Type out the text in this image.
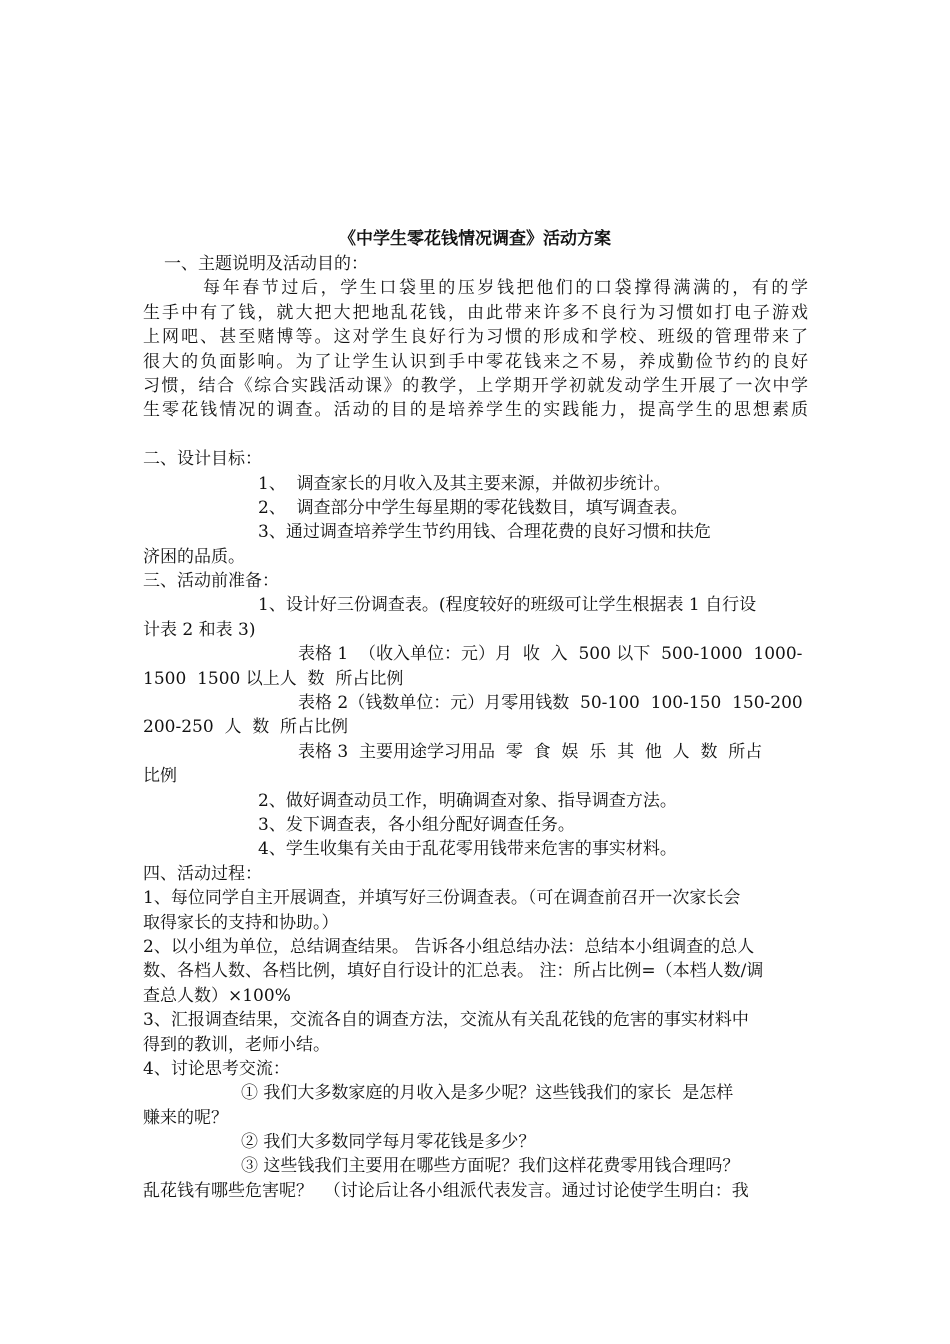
《中学生零花钱情况调查》活动方案
一、主题说明及活动目的：
每年春节过后，学生口袋里的压岁钱把他们的口袋撑得满满的，有的学
生手中有了钱，就大把大把地乱花钱，由此带来许多不良行为习惯如打电子游戏
上网吧、甚至赌博等。这对学生良好行为习惯的形成和学校、班级的管理带来了
很大的负面影响。为了让学生认识到手中零花钱来之不易，养成勤俭节约的良好
习惯，结合《综合实践活动课》的教学，上学期开学初就发动学生开展了一次中学
生零花钱情况的调查。活动的目的是培养学生的实践能力，提高学生的思想素质
二、设计目标：
1、  调查家长的月收入及其主要来源，并做初步统计。
2、  调查部分中学生每星期的零花钱数目，填写调查表。
3、通过调查培养学生节约用钱、合理花费的良好习惯和扶危
济困的品质。
三、活动前准备：
1、设计好三份调查表。(程度较好的班级可让学生根据表 1 自行设
计表 2 和表 3)
表格 1  （收入单位：元）月  收  入  500 以下  500-1000  1000-
1500  1500 以上人  数  所占比例
表格 2（钱数单位：元）月零用钱数  50-100  100-150  150-200
200-250  人  数  所占比例
表格 3  主要用途学习用品  零  食  娱  乐  其  他  人  数  所占
比例
2、做好调查动员工作，明确调查对象、指导调查方法。
3、发下调查表，各小组分配好调查任务。
4、学生收集有关由于乱花零用钱带来危害的事实材料。
四、活动过程：
1、每位同学自主开展调查，并填写好三份调查表。（可在调查前召开一次家长会
取得家长的支持和协助。）
2、以小组为单位，总结调查结果。 告诉各小组总结办法：总结本小组调查的总人
数、各档人数、各档比例，填好自行设计的汇总表。 注：所占比例=（本档人数/调
查总人数）×100%
3、汇报调查结果，交流各自的调查方法，交流从有关乱花钱的危害的事实材料中
得到的教训，老师小结。
4、讨论思考交流：
① 我们大多数家庭的月收入是多少呢？这些钱我们的家长  是怎样
赚来的呢？
② 我们大多数同学每月零花钱是多少？
③ 这些钱我们主要用在哪些方面呢？我们这样花费零用钱合理吗？
乱花钱有哪些危害呢？  （讨论后让各小组派代表发言。通过讨论使学生明白：我
